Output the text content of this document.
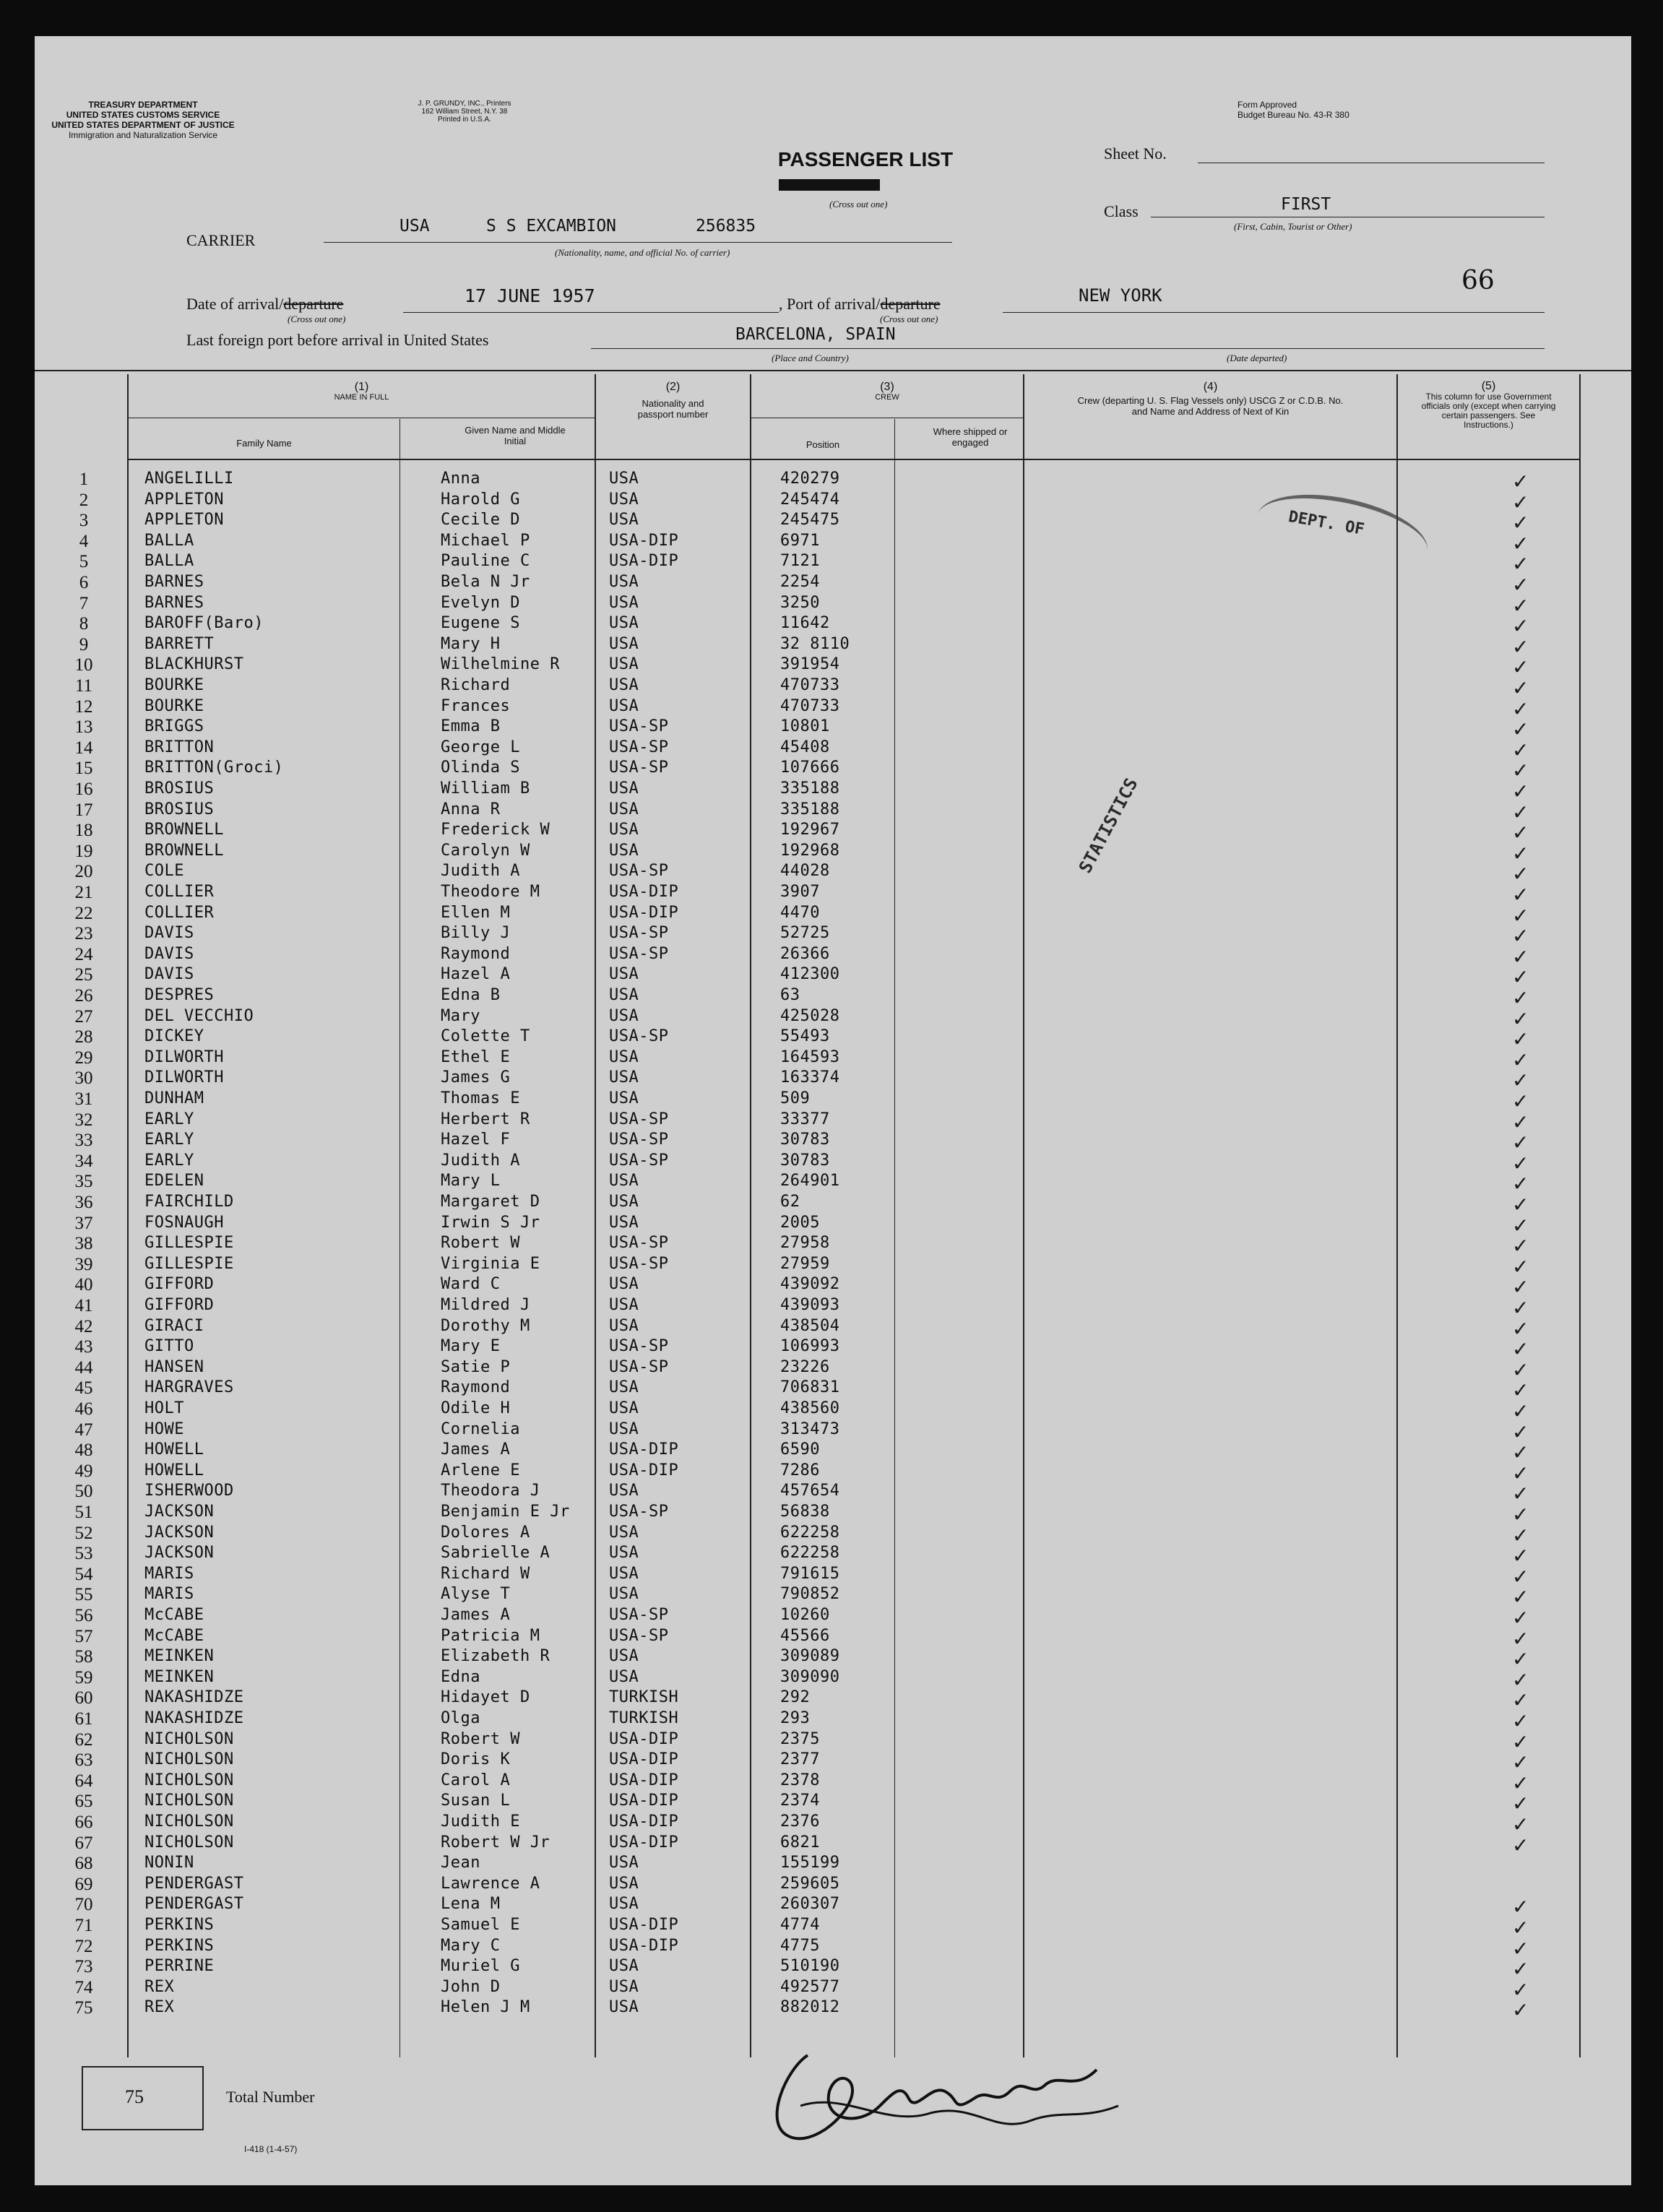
TREASURY DEPARTMENT
UNITED STATES CUSTOMS SERVICE
UNITED STATES DEPARTMENT OF JUSTICE
Immigration and Naturalization Service
J. P. GRUNDY, INC., Printers
162 William Street, N.Y. 38
Printed in U.S.A.
Form Approved
Budget Bureau No. 43-R 380
PASSENGER LIST
(Cross out one)
Sheet No.
Class	FIRST
(First, Cabin, Tourist or Other)
CARRIER
USA	S S EXCAMBION	256835
(Nationality, name, and official No. of carrier)
Date of arrival/departure
(Cross out one)
17 JUNE 1957	, Port of arrival/departure
(Cross out one)
NEW YORK	66
Last foreign port before arrival in United States	BARCELONA, SPAIN
(Place and Country)	(Date departed)
(1)
NAME IN FULL
Family Name
Given Name and Middle Initial
(2)
Nationality and passport number
(3)
CREW
Position
Where shipped or engaged
(4)
Crew (departing U. S. Flag Vessels only) USCG Z or C.D.B. No. and Name and Address of Next of Kin
(5)
This column for use Government officials only (except when carrying certain passengers. See Instructions.)
1	ANGELILLI	Anna	USA	420279	✓
2	APPLETON	Harold G	USA	245474	✓
3	APPLETON	Cecile D	USA	245475	✓
4	BALLA	Michael P	USA-DIP	6971	✓
5	BALLA	Pauline C	USA-DIP	7121	✓
6	BARNES	Bela N Jr	USA	2254	✓
7	BARNES	Evelyn D	USA	3250	✓
8	BAROFF(Baro)	Eugene S	USA	11642	✓
9	BARRETT	Mary H	USA	32 8110	✓
10	BLACKHURST	Wilhelmine R	USA	391954	✓
11	BOURKE	Richard	USA	470733	✓
12	BOURKE	Frances	USA	470733	✓
13	BRIGGS	Emma B	USA-SP	10801	✓
14	BRITTON	George L	USA-SP	45408	✓
15	BRITTON(Groci)	Olinda S	USA-SP	107666	✓
16	BROSIUS	William B	USA	335188	✓
17	BROSIUS	Anna R	USA	335188	✓
18	BROWNELL	Frederick W	USA	192967	✓
19	BROWNELL	Carolyn W	USA	192968	✓
20	COLE	Judith A	USA-SP	44028	✓
21	COLLIER	Theodore M	USA-DIP	3907	✓
22	COLLIER	Ellen M	USA-DIP	4470	✓
23	DAVIS	Billy J	USA-SP	52725	✓
24	DAVIS	Raymond	USA-SP	26366	✓
25	DAVIS	Hazel A	USA	412300	✓
26	DESPRES	Edna B	USA	63	✓
27	DEL VECCHIO	Mary	USA	425028	✓
28	DICKEY	Colette T	USA-SP	55493	✓
29	DILWORTH	Ethel E	USA	164593	✓
30	DILWORTH	James G	USA	163374	✓
31	DUNHAM	Thomas E	USA	509	✓
32	EARLY	Herbert R	USA-SP	33377	✓
33	EARLY	Hazel F	USA-SP	30783	✓
34	EARLY	Judith A	USA-SP	30783	✓
35	EDELEN	Mary L	USA	264901	✓
36	FAIRCHILD	Margaret D	USA	62	✓
37	FOSNAUGH	Irwin S Jr	USA	2005	✓
38	GILLESPIE	Robert W	USA-SP	27958	✓
39	GILLESPIE	Virginia E	USA-SP	27959	✓
40	GIFFORD	Ward C	USA	439092	✓
41	GIFFORD	Mildred J	USA	439093	✓
42	GIRACI	Dorothy M	USA	438504	✓
43	GITTO	Mary E	USA-SP	106993	✓
44	HANSEN	Satie P	USA-SP	23226	✓
45	HARGRAVES	Raymond	USA	706831	✓
46	HOLT	Odile H	USA	438560	✓
47	HOWE	Cornelia	USA	313473	✓
48	HOWELL	James A	USA-DIP	6590	✓
49	HOWELL	Arlene E	USA-DIP	7286	✓
50	ISHERWOOD	Theodora J	USA	457654	✓
51	JACKSON	Benjamin E Jr USA-SP	56838	✓
52	JACKSON	Dolores A	USA	622258	✓
53	JACKSON	Sabrielle A	USA	622258	✓
54	MARIS	Richard W	USA	791615	✓
55	MARIS	Alyse T	USA	790852	✓
56	McCABE	James A	USA-SP	10260	✓
57	McCABE	Patricia M	USA-SP	45566	✓
58	MEINKEN	Elizabeth R	USA	309089	✓
59	MEINKEN	Edna	USA	309090	✓
60	NAKASHIDZE	Hidayet D	TURKISH	292	✓
61	NAKASHIDZE	Olga	TURKISH	293	✓
62	NICHOLSON	Robert W	USA-DIP	2375	✓
63	NICHOLSON	Doris K	USA-DIP	2377	✓
64	NICHOLSON	Carol A	USA-DIP	2378	✓
65	NICHOLSON	Susan L	USA-DIP	2374	✓
66	NICHOLSON	Judith E	USA-DIP	2376	✓
67	NICHOLSON	Robert W Jr	USA-DIP	6821	✓
68	NONIN	Jean	USA	155199
69	PENDERGAST	Lawrence A	USA	259605
70	PENDERGAST	Lena M	USA	260307	✓
71	PERKINS	Samuel E	USA-DIP	4774	✓
72	PERKINS	Mary C	USA-DIP	4775	✓
73	PERRINE	Muriel G	USA	510190	✓
74	REX	John D	USA	492577	✓
75	REX	Helen J M	USA	882012	✓
DEPT. OF
STATISTICS
75	Total Number
I-418 (1-4-57)
